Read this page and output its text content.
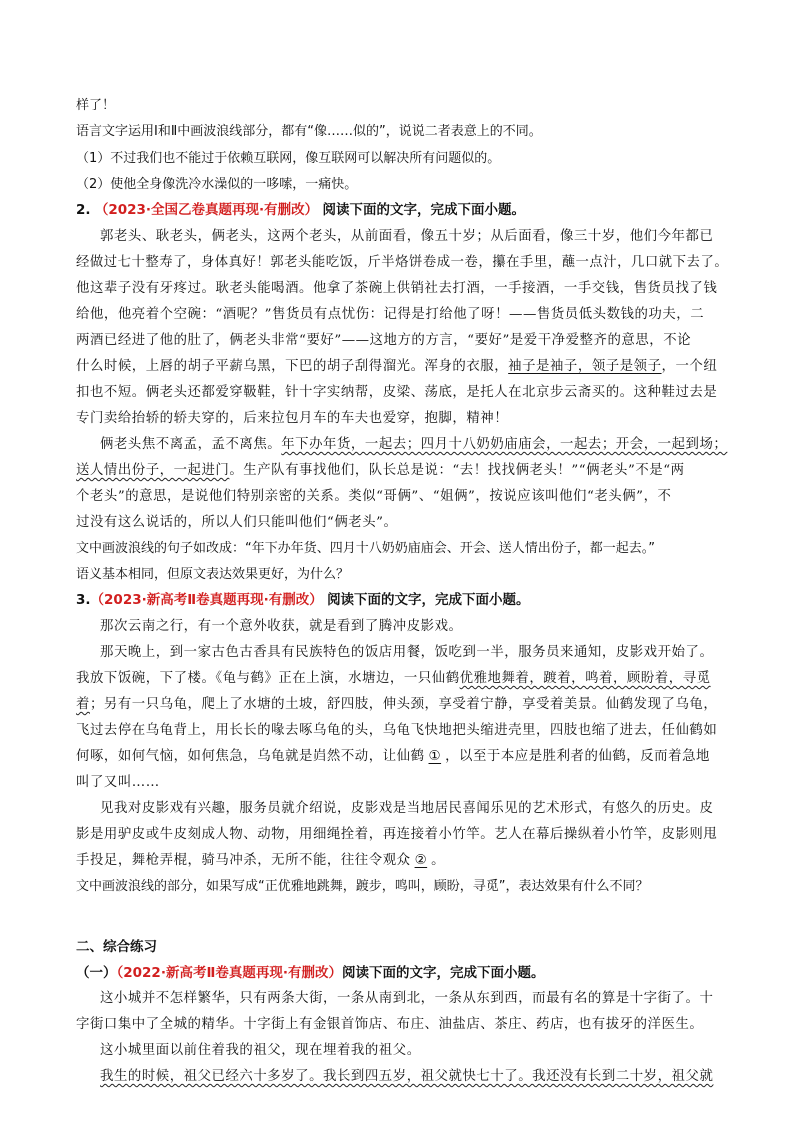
样了！
语言文字运用Ⅰ和Ⅱ中画波浪线部分，都有“像……似的”，说说二者表意上的不同。
（1）不过我们也不能过于依赖互联网，像互联网可以解决所有问题似的。
（2）使他全身像洗冷水澡似的一哆嗦，一痛快。
2. （2023·全国乙卷真题再现·有删改） 阅读下面的文字，完成下面小题。
郭老头、耿老头，俩老头，这两个老头，从前面看，像五十岁；从后面看，像三十岁，他们今年都已
经做过七十整寿了，身体真好！郭老头能吃饭，斤半烙饼卷成一卷，攥在手里，蘸一点汁，几口就下去了。
他这辈子没有牙疼过。耿老头能喝酒。他拿了茶碗上供销社去打酒，一手接酒，一手交钱，售货员找了钱
给他，他亮着个空碗：“酒呢？”售货员有点忧伤：记得是打给他了呀！——售货员低头数钱的功夫，二
两酒已经进了他的肚了，俩老头非常“要好”——这地方的方言，“要好”是爱干净爱整齐的意思，不论
什么时候，上唇的胡子平薪乌黑，下巴的胡子刮得溜光。浑身的衣服，袖子是袖子，领子是领子，一个纽
扣也不短。俩老头还都爱穿靸鞋，针十字实纳帮，皮梁、荡底，是托人在北京步云斋买的。这种鞋过去是
专门卖给抬轿的轿夫穿的，后来拉包月车的车夫也爱穿，抱脚，精神！
俩老头焦不离孟，孟不离焦。年下办年货，一起去；四月十八奶奶庙庙会，一起去；开会，一起到场；
送人情出份子，一起进门。生产队有事找他们，队长总是说：“去！找找俩老头！”“俩老头”不是“两
个老头”的意思，是说他们特别亲密的关系。类似“哥俩”、“姐俩”，按说应该叫他们“老头俩”，不
过没有这么说话的，所以人们只能叫他们“俩老头”。
文中画波浪线的句子如改成：“年下办年货、四月十八奶奶庙庙会、开会、送人情出份子，都一起去。”
语义基本相同，但原文表达效果更好，为什么？
3.（2023·新高考Ⅱ卷真题再现·有删改） 阅读下面的文字，完成下面小题。
那次云南之行，有一个意外收获，就是看到了腾冲皮影戏。
那天晚上，到一家古色古香具有民族特色的饭店用餐，饭吃到一半，服务员来通知，皮影戏开始了。
我放下饭碗，下了楼。《龟与鹤》正在上演，水塘边，一只仙鹤优雅地舞着，踱着，鸣着，顾盼着，寻觅
着；另有一只乌龟，爬上了水塘的土坡，舒四肢，伸头颈，享受着宁静，享受着美景。仙鹤发现了乌龟，
飞过去停在乌龟背上，用长长的喙去啄乌龟的头，乌龟飞快地把头缩进壳里，四肢也缩了进去，任仙鹤如
何啄，如何气恼，如何焦急，乌龟就是岿然不动，让仙鹤 ① ，以至于本应是胜利者的仙鹤，反而着急地
叫了又叫……
见我对皮影戏有兴趣，服务员就介绍说，皮影戏是当地居民喜闻乐见的艺术形式，有悠久的历史。皮
影是用驴皮或牛皮刻成人物、动物，用细绳拴着，再连接着小竹竿。艺人在幕后操纵着小竹竿，皮影则甩
手投足，舞枪弄棍，骑马冲杀，无所不能，往往令观众 ② 。
文中画波浪线的部分，如果写成“正优雅地跳舞，踱步，鸣叫，顾盼，寻觅”，表达效果有什么不同？
二、综合练习
（一）（2022·新高考Ⅱ卷真题再现·有删改）阅读下面的文字，完成下面小题。
这小城并不怎样繁华，只有两条大街，一条从南到北，一条从东到西，而最有名的算是十字街了。十
字街口集中了全城的精华。十字街上有金银首饰店、布庄、油盐店、茶庄、药店，也有拔牙的洋医生。
这小城里面以前住着我的祖父，现在埋着我的祖父。
我生的时候，祖父已经六十多岁了。我长到四五岁，祖父就快七十了。我还没有长到二十岁，祖父就
